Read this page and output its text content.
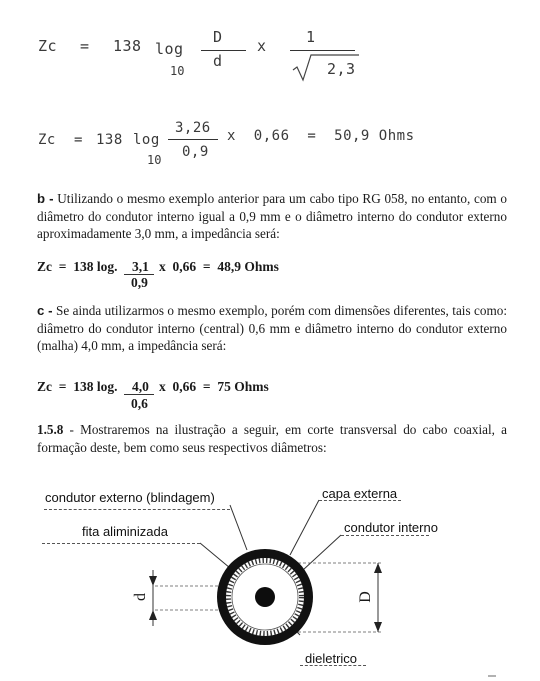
Zc = 138 log
10
D
d
x	1
2,3
Zc = 138 log
10
3,26
0,9
x  0,66  =  50,9 Ohms

b - Utilizando o mesmo exemplo anterior para um cabo tipo RG 058, no entanto, com o diâmetro do condutor interno igual a 0,9 mm e o diâmetro interno do condutor externo aproximadamente 3,0 mm, a impedância será:

Zc  =  138 log. 3,1
0,9
x  0,66  =  48,9 Ohms

c - Se ainda utilizarmos o mesmo exemplo, porém com dimensões diferentes, tais como: diâmetro do condutor interno (central) 0,6 mm e diâmetro interno do condutor externo (malha) 4,0 mm, a impedância será:

Zc  =  138 log. 4,0
0,6
x  0,66  =  75 Ohms

1.5.8 - Mostraremos na ilustração a seguir, em corte transversal do cabo coaxial, a formação deste, bem como seus respectivos diâmetros:

condutor externo (blindagem)
fita aliminizada
capa externa
condutor interno
dieletrico
d	D
